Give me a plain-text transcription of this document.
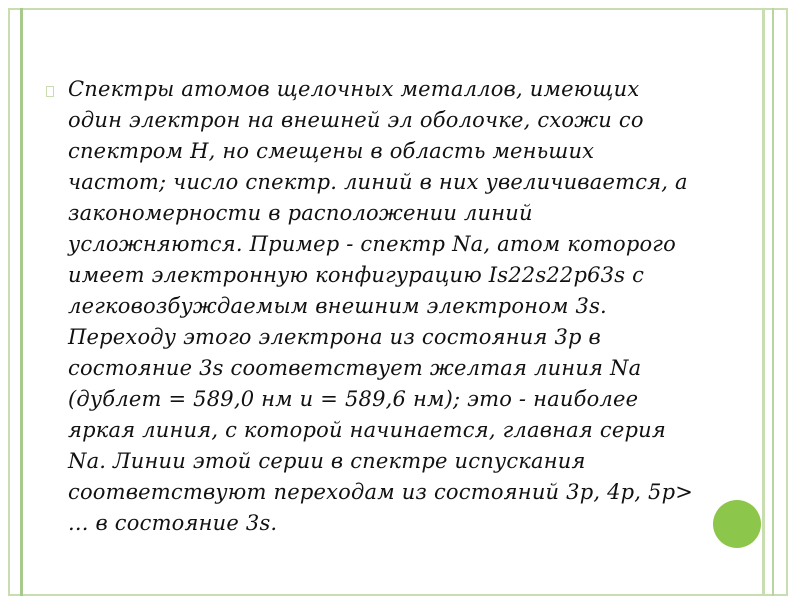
Спектры атомов щелочных металлов, имеющих
один электрон на внешней эл оболочке, схожи со
спектром Н, но смещены в область меньших
частот; число спектр. линий в них увеличивается, а
закономерности в расположении линий
усложняются. Пример - спектр Na, атом которого
имеет электронную конфигурацию Is22s22p63s с
легковозбуждаемым внешним электроном 3s.
Переходу этого электрона из состояния 3p в
состояние 3s соответствует желтая линия Na
(дублет = 589,0 нм и = 589,6 нм); это - наиболее
яркая линия, с которой начинается, главная серия
Na. Линии этой серии в спектре испускания
соответствуют переходам из состояний 3p, 4p, 5p>
... в состояние 3s.
